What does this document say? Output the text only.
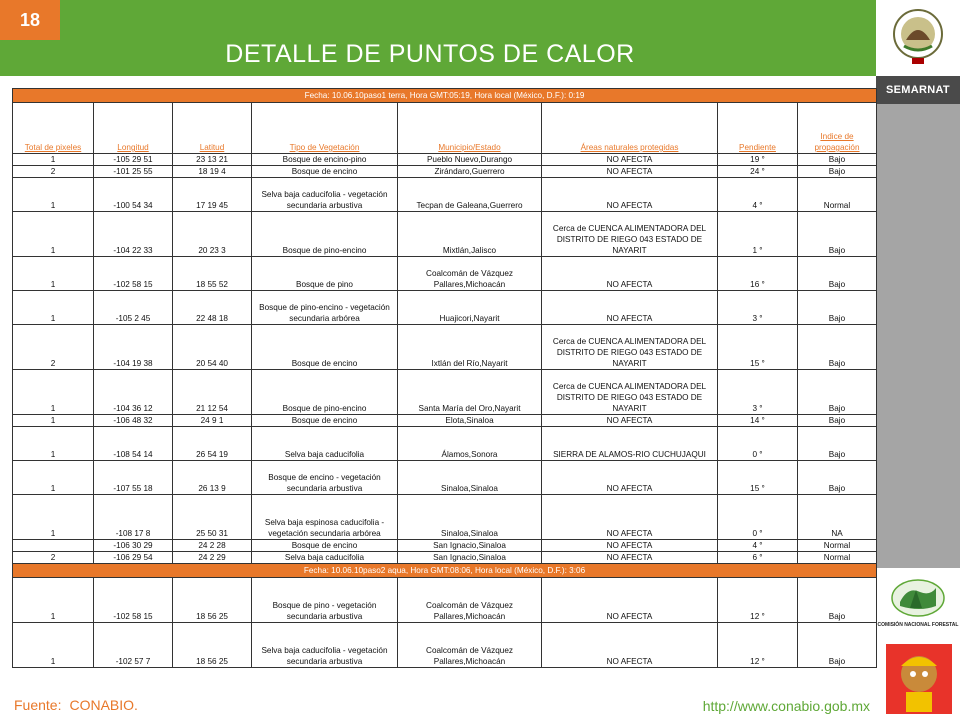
18
DETALLE DE PUNTOS DE CALOR
SEMARNAT
COMISIÓN NACIONAL FORESTAL
Fecha: 10.06.10paso1 terra, Hora GMT:05:19, Hora local (México, D.F.): 0:19							
Total de pixeles	Longitud	Latitud	Tipo de Vegetación	Municipio/Estado	Áreas naturales protegidas	Pendiente	Indice de propagación
1	-105 29 51	23 13 21	Bosque de encino-pino	Pueblo Nuevo,Durango	NO AFECTA	19 °	Bajo
2	-101 25 55	18 19 4	Bosque de encino	Zirándaro,Guerrero	NO AFECTA	24 °	Bajo
1	-100 54 34	17 19 45	Selva baja caducifolia - vegetación secundaria arbustiva	Tecpan de Galeana,Guerrero	NO AFECTA	4 °	Normal
1	-104 22 33	20 23 3	Bosque de pino-encino	Mixtlán,Jalisco	Cerca de CUENCA ALIMENTADORA DEL DISTRITO DE RIEGO 043 ESTADO DE NAYARIT	1 °	Bajo
1	-102 58 15	18 55 52	Bosque de pino	Coalcomán de Vázquez Pallares,Michoacán	NO AFECTA	16 °	Bajo
1	-105 2 45	22 48 18	Bosque de pino-encino - vegetación secundaria arbórea	Huajicori,Nayarit	NO AFECTA	3 °	Bajo
2	-104 19 38	20 54 40	Bosque de encino	Ixtlán del Río,Nayarit	Cerca de CUENCA ALIMENTADORA DEL DISTRITO DE RIEGO 043 ESTADO DE NAYARIT	15 °	Bajo
1	-104 36 12	21 12 54	Bosque de pino-encino	Santa María del Oro,Nayarit	Cerca de CUENCA ALIMENTADORA DEL DISTRITO DE RIEGO 043 ESTADO DE NAYARIT	3 °	Bajo
1	-106 48 32	24 9 1	Bosque de encino	Elota,Sinaloa	NO AFECTA	14 °	Bajo
1	-108 54 14	26 54 19	Selva baja caducifolia	Álamos,Sonora	SIERRA DE ALAMOS-RIO CUCHUJAQUI	0 °	Bajo
1	-107 55 18	26 13 9	Bosque de encino - vegetación secundaria arbustiva	Sinaloa,Sinaloa	NO AFECTA	15 °	Bajo
1	-108 17 8	25 50 31	Selva baja espinosa caducifolia - vegetación secundaria arbórea	Sinaloa,Sinaloa	NO AFECTA	0 °	NA
	-106 30 29	24 2 28	Bosque de encino	San Ignacio,Sinaloa	NO AFECTA	4 °	Normal
2	-106 29 54	24 2 29	Selva baja caducifolia	San Ignacio,Sinaloa	NO AFECTA	6 °	Normal
Fecha: 10.06.10paso2 aqua, Hora GMT:08:06, Hora local (México, D.F.): 3:06							
1	-102 58 15	18 56 25	Bosque de pino - vegetación secundaria arbustiva	Coalcomán de Vázquez Pallares,Michoacán	NO AFECTA	12 °	Bajo
1	-102 57 7	18 56 25	Selva baja caducifolia - vegetación secundaria arbustiva	Coalcomán de Vázquez Pallares,Michoacán	NO AFECTA	12 °	Bajo
Fuente: CONABIO.	http://www.conabio.gob.mx
